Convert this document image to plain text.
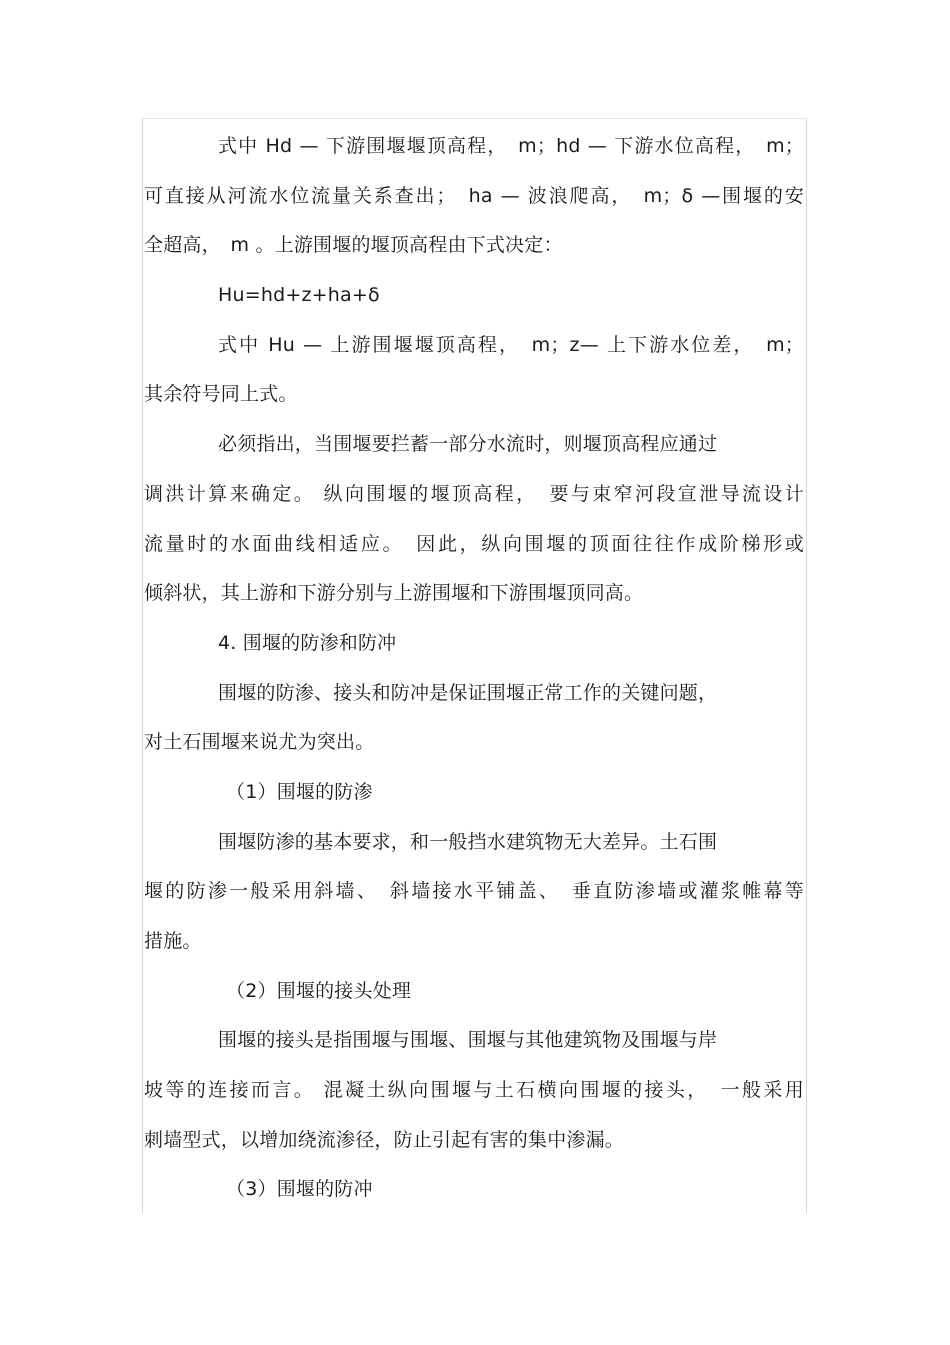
式中 Hd — 下游围堰堰顶高程，　m；hd — 下游水位高程，　m；
可直接从河流水位流量关系查出；　ha — 波浪爬高，　m；δ —围堰的安
全超高，　m 。上游围堰的堰顶高程由下式决定：
Hu=hd+z+ha+δ
式中 Hu — 上游围堰堰顶高程，　m；z— 上下游水位差，　m；
其余符号同上式。
必须指出，当围堰要拦蓄一部分水流时，则堰顶高程应通过
调洪计算来确定。 纵向围堰的堰顶高程，　要与束窄河段宣泄导流设计
流量时的水面曲线相适应。　因此，纵向围堰的顶面往往作成阶梯形或
倾斜状，其上游和下游分别与上游围堰和下游围堰顶同高。
4. 围堰的防渗和防冲
围堰的防渗、接头和防冲是保证围堰正常工作的关键问题，
对土石围堰来说尤为突出。
（1）围堰的防渗
围堰防渗的基本要求，和一般挡水建筑物无大差异。土石围
堰的防渗一般采用斜墙、　斜墙接水平铺盖、　垂直防渗墙或灌浆帷幕等
措施。
（2）围堰的接头处理
围堰的接头是指围堰与围堰、围堰与其他建筑物及围堰与岸
坡等的连接而言。 混凝土纵向围堰与土石横向围堰的接头，　一般采用
刺墙型式，以增加绕流渗径，防止引起有害的集中渗漏。
（3）围堰的防冲
